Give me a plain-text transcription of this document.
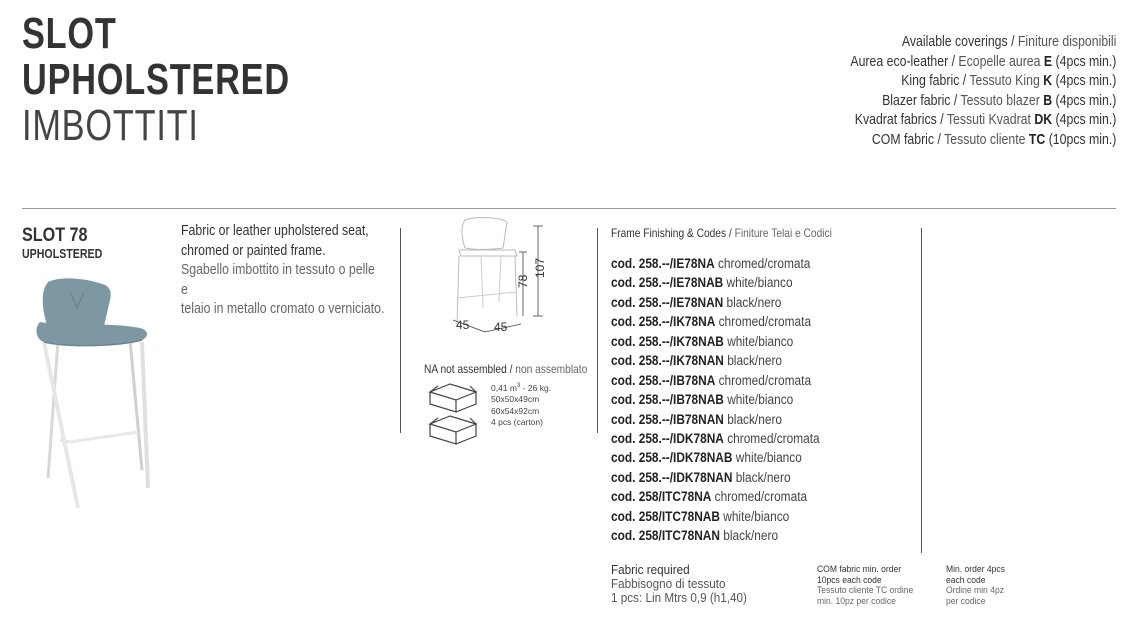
SLOT
UPHOLSTERED
IMBOTTITI
Available coverings / Finiture disponibili
Aurea eco-leather / Ecopelle aurea E (4pcs min.)
King fabric / Tessuto King K (4pcs min.)
Blazer fabric / Tessuto blazer B (4pcs min.)
Kvadrat fabrics / Tessuti Kvadrat DK (4pcs min.)
COM fabric / Tessuto cliente TC (10pcs min.)
SLOT 78
UPHOLSTERED
Fabric or leather upholstered seat,
chromed or painted frame.
Sgabello imbottito in tessuto o pelle e
telaio in metallo cromato o verniciato.
107
78
45 45
NA not assembled / non assemblato
0,41 $m^3 - 26$ kg.
50x50x49cm
60x54x92cm
4 pcs (carton)
Frame Finishing & Codes / Finiture Telai e Codici
cod. 258.--/IE78NA chromed/cromata
cod. 258.--/IE78NAB white/bianco
cod. 258.--/IE78NAN black/nero
cod. 258.--/IK78NA chromed/cromata
cod. 258.--/IK78NAB white/bianco
cod. 258.--/IK78NAN black/nero
cod. 258.--/IB78NA chromed/cromata
cod. 258.--/IB78NAB white/bianco
cod. 258.--/IB78NAN black/nero
cod. 258.--/IDK78NA chromed/cromata
cod. 258.--/IDK78NAB white/bianco
cod. 258.--/IDK78NAN black/nero
cod. 258/ITC78NA chromed/cromata
cod. 258/ITC78NAB white/bianco
cod. 258/ITC78NAN black/nero
Fabric required
Fabbisogno di tessuto
1 pcs: Lin Mtrs 0,9 (h1,40)
COM fabric min. order
10pcs each code
Tessuto cliente TC ordine
min. 10pz per codice
Min. order 4pcs
each code
Ordine min 4pz
per codice
